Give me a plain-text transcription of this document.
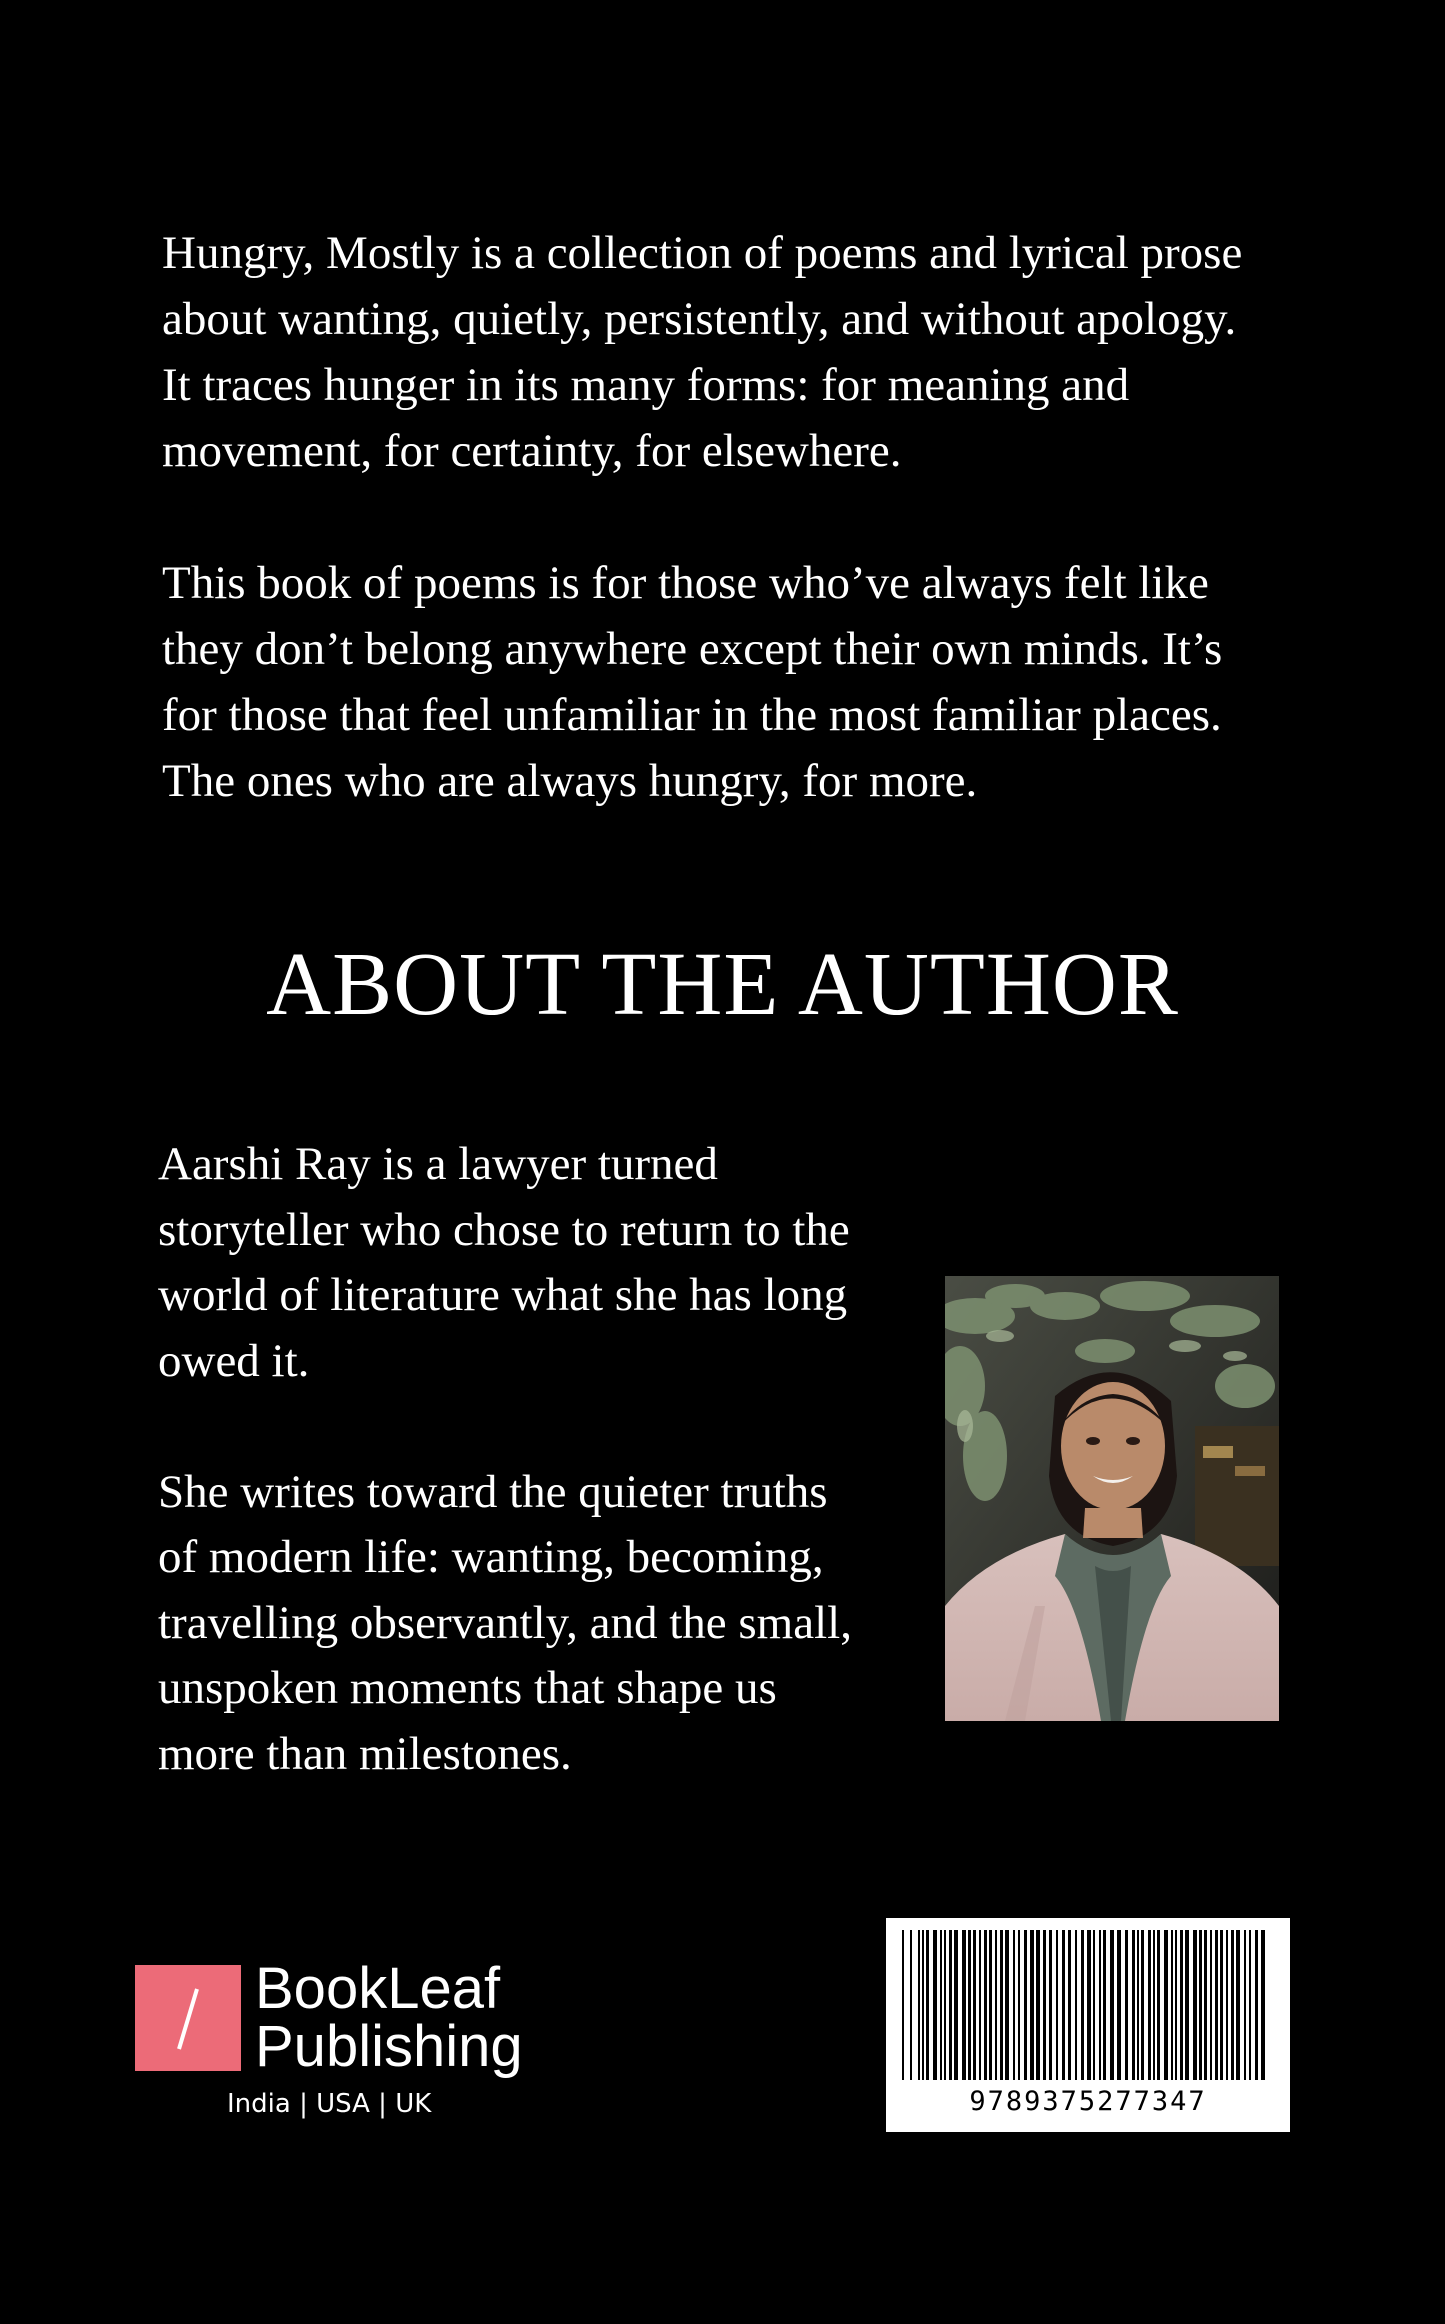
Hungry, Mostly is a collection of poems and lyrical prose
about wanting, quietly, persistently, and without apology.
It traces hunger in its many forms: for meaning and
movement, for certainty, for elsewhere.

This book of poems is for those who’ve always felt like
they don’t belong anywhere except their own minds. It’s
for those that feel unfamiliar in the most familiar places.
The ones who are always hungry, for more.

ABOUT THE AUTHOR

Aarshi Ray is a lawyer turned
storyteller who chose to return to the
world of literature what she has long
owed it.

She writes toward the quieter truths
of modern life: wanting, becoming,
travelling observantly, and the small,
unspoken moments that shape us
more than milestones.

BookLeaf
Publishing
India | USA | UK	9789375277347
